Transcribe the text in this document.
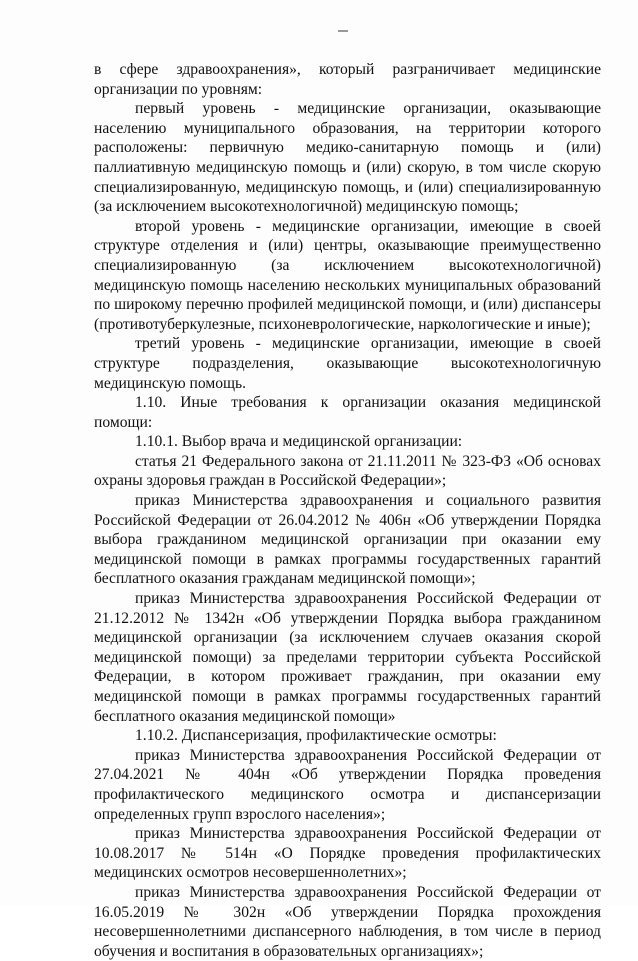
в сфере здравоохранения», который разграничивает медицинские организации по уровням:

первый уровень - медицинские организации, оказывающие населению муниципального образования, на территории которого расположены: первичную медико-санитарную помощь и (или) паллиативную медицинскую помощь и (или) скорую, в том числе скорую специализированную, медицинскую помощь, и (или) специализированную (за исключением высокотехнологичной) медицинскую помощь;

второй уровень - медицинские организации, имеющие в своей структуре отделения и (или) центры, оказывающие преимущественно специализированную (за исключением высокотехнологичной) медицинскую помощь населению нескольких муниципальных образований по широкому перечню профилей медицинской помощи, и (или) диспансеры (противотуберкулезные, психоневрологические, наркологические и иные);

третий уровень - медицинские организации, имеющие в своей структуре подразделения, оказывающие высокотехнологичную медицинскую помощь.

1.10. Иные требования к организации оказания медицинской помощи:

1.10.1. Выбор врача и медицинской организации:

статья 21 Федерального закона от 21.11.2011 № 323-ФЗ «Об основах охраны здоровья граждан в Российской Федерации»;

приказ Министерства здравоохранения и социального развития Российской Федерации от 26.04.2012 № 406н «Об утверждении Порядка выбора гражданином медицинской организации при оказании ему медицинской помощи в рамках программы государственных гарантий бесплатного оказания гражданам медицинской помощи»;

приказ Министерства здравоохранения Российской Федерации от 21.12.2012 № 1342н «Об утверждении Порядка выбора гражданином медицинской организации (за исключением случаев оказания скорой медицинской помощи) за пределами территории субъекта Российской Федерации, в котором проживает гражданин, при оказании ему медицинской помощи в рамках программы государственных гарантий бесплатного оказания медицинской помощи»

1.10.2. Диспансеризация, профилактические осмотры:

приказ Министерства здравоохранения Российской Федерации от 27.04.2021 № 404н «Об утверждении Порядка проведения профилактического медицинского осмотра и диспансеризации определенных групп взрослого населения»;

приказ Министерства здравоохранения Российской Федерации от 10.08.2017 № 514н «О Порядке проведения профилактических медицинских осмотров несовершеннолетних»;

приказ Министерства здравоохранения Российской Федерации от 16.05.2019 № 302н «Об утверждении Порядка прохождения несовершеннолетними диспансерного наблюдения, в том числе в период обучения и воспитания в образовательных организациях»;
